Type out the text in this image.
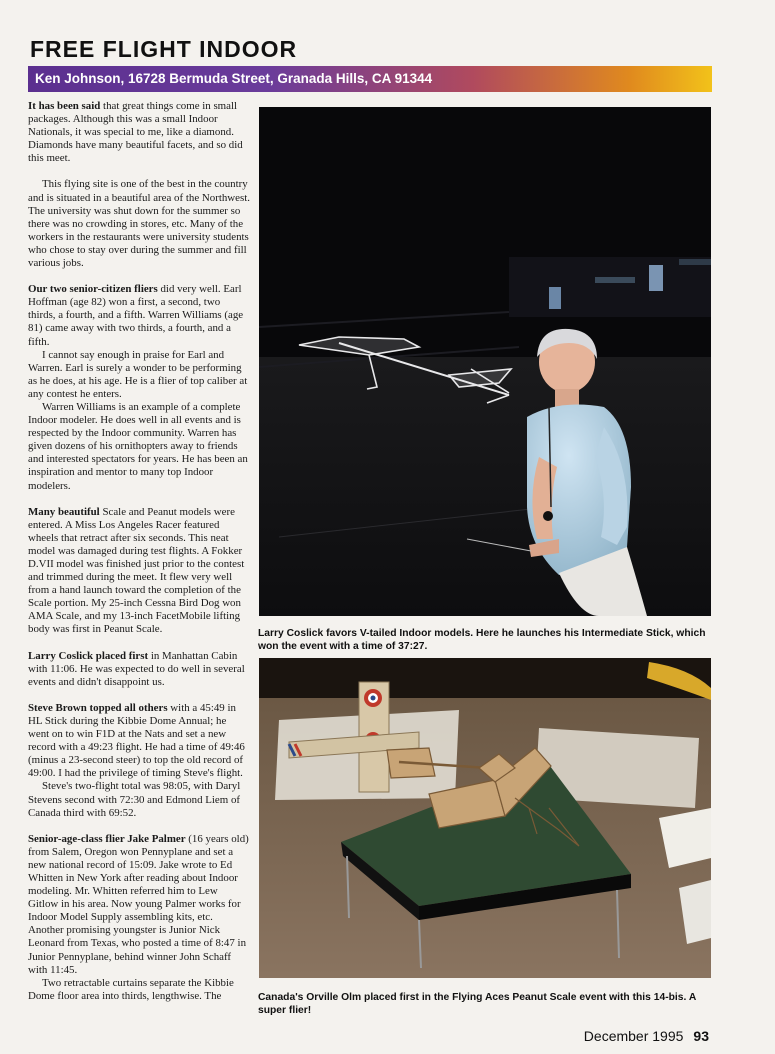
FREE FLIGHT INDOOR
Ken Johnson, 16728 Bermuda Street, Granada Hills, CA 91344

It has been said that great things come in small packages. Although this was a small Indoor Nationals, it was special to me, like a diamond. Diamonds have many beautiful facets, and so did this meet.

This flying site is one of the best in the country and is situated in a beautiful area of the Northwest. The university was shut down for the summer so there was no crowding in stores, etc. Many of the workers in the restaurants were university students who chose to stay over during the summer and fill various jobs.

Our two senior-citizen fliers did very well. Earl Hoffman (age 82) won a first, a second, two thirds, a fourth, and a fifth. Warren Williams (age 81) came away with two thirds, a fourth, and a fifth.

I cannot say enough in praise for Earl and Warren. Earl is surely a wonder to be performing as he does, at his age. He is a flier of top caliber at any contest he enters.

Warren Williams is an example of a complete Indoor modeler. He does well in all events and is respected by the Indoor community. Warren has given dozens of his ornithopters away to friends and interested spectators for years. He has been an inspiration and mentor to many top Indoor modelers.

Many beautiful Scale and Peanut models were entered. A Miss Los Angeles Racer featured wheels that retract after six seconds. This neat model was damaged during test flights. A Fokker D.VII model was finished just prior to the contest and trimmed during the meet. It flew very well from a hand launch toward the completion of the Scale portion. My 25-inch Cessna Bird Dog won AMA Scale, and my 13-inch FacetMobile lifting body was first in Peanut Scale.

Larry Coslick placed first in Manhattan Cabin with 11:06. He was expected to do well in several events and didn't disappoint us.

Steve Brown topped all others with a 45:49 in HL Stick during the Kibbie Dome Annual; he went on to win F1D at the Nats and set a new record with a 49:23 flight. He had a time of 49:46 (minus a 23-second steer) to top the old record of 49:00. I had the privilege of timing Steve's flight.

Steve's two-flight total was 98:05, with Daryl Stevens second with 72:30 and Edmond Liem of Canada third with 69:52.

Senior-age-class flier Jake Palmer (16 years old) from Salem, Oregon won Pennyplane and set a new national record of 15:09. Jake wrote to Ed Whitten in New York after reading about Indoor modeling. Mr. Whitten referred him to Lew Gitlow in his area. Now young Palmer works for Indoor Model Supply assembling kits, etc. Another promising youngster is Junior Nick Leonard from Texas, who posted a time of 8:47 in Junior Pennyplane, behind winner John Schaff with 11:45.

Two retractable curtains separate the Kibbie Dome floor area into thirds, lengthwise. The

Larry Coslick favors V-tailed Indoor models. Here he launches his Intermediate Stick, which won the event with a time of 37:27.
Canada's Orville Olm placed first in the Flying Aces Peanut Scale event with this 14-bis. A super flier!
December 1995 93
